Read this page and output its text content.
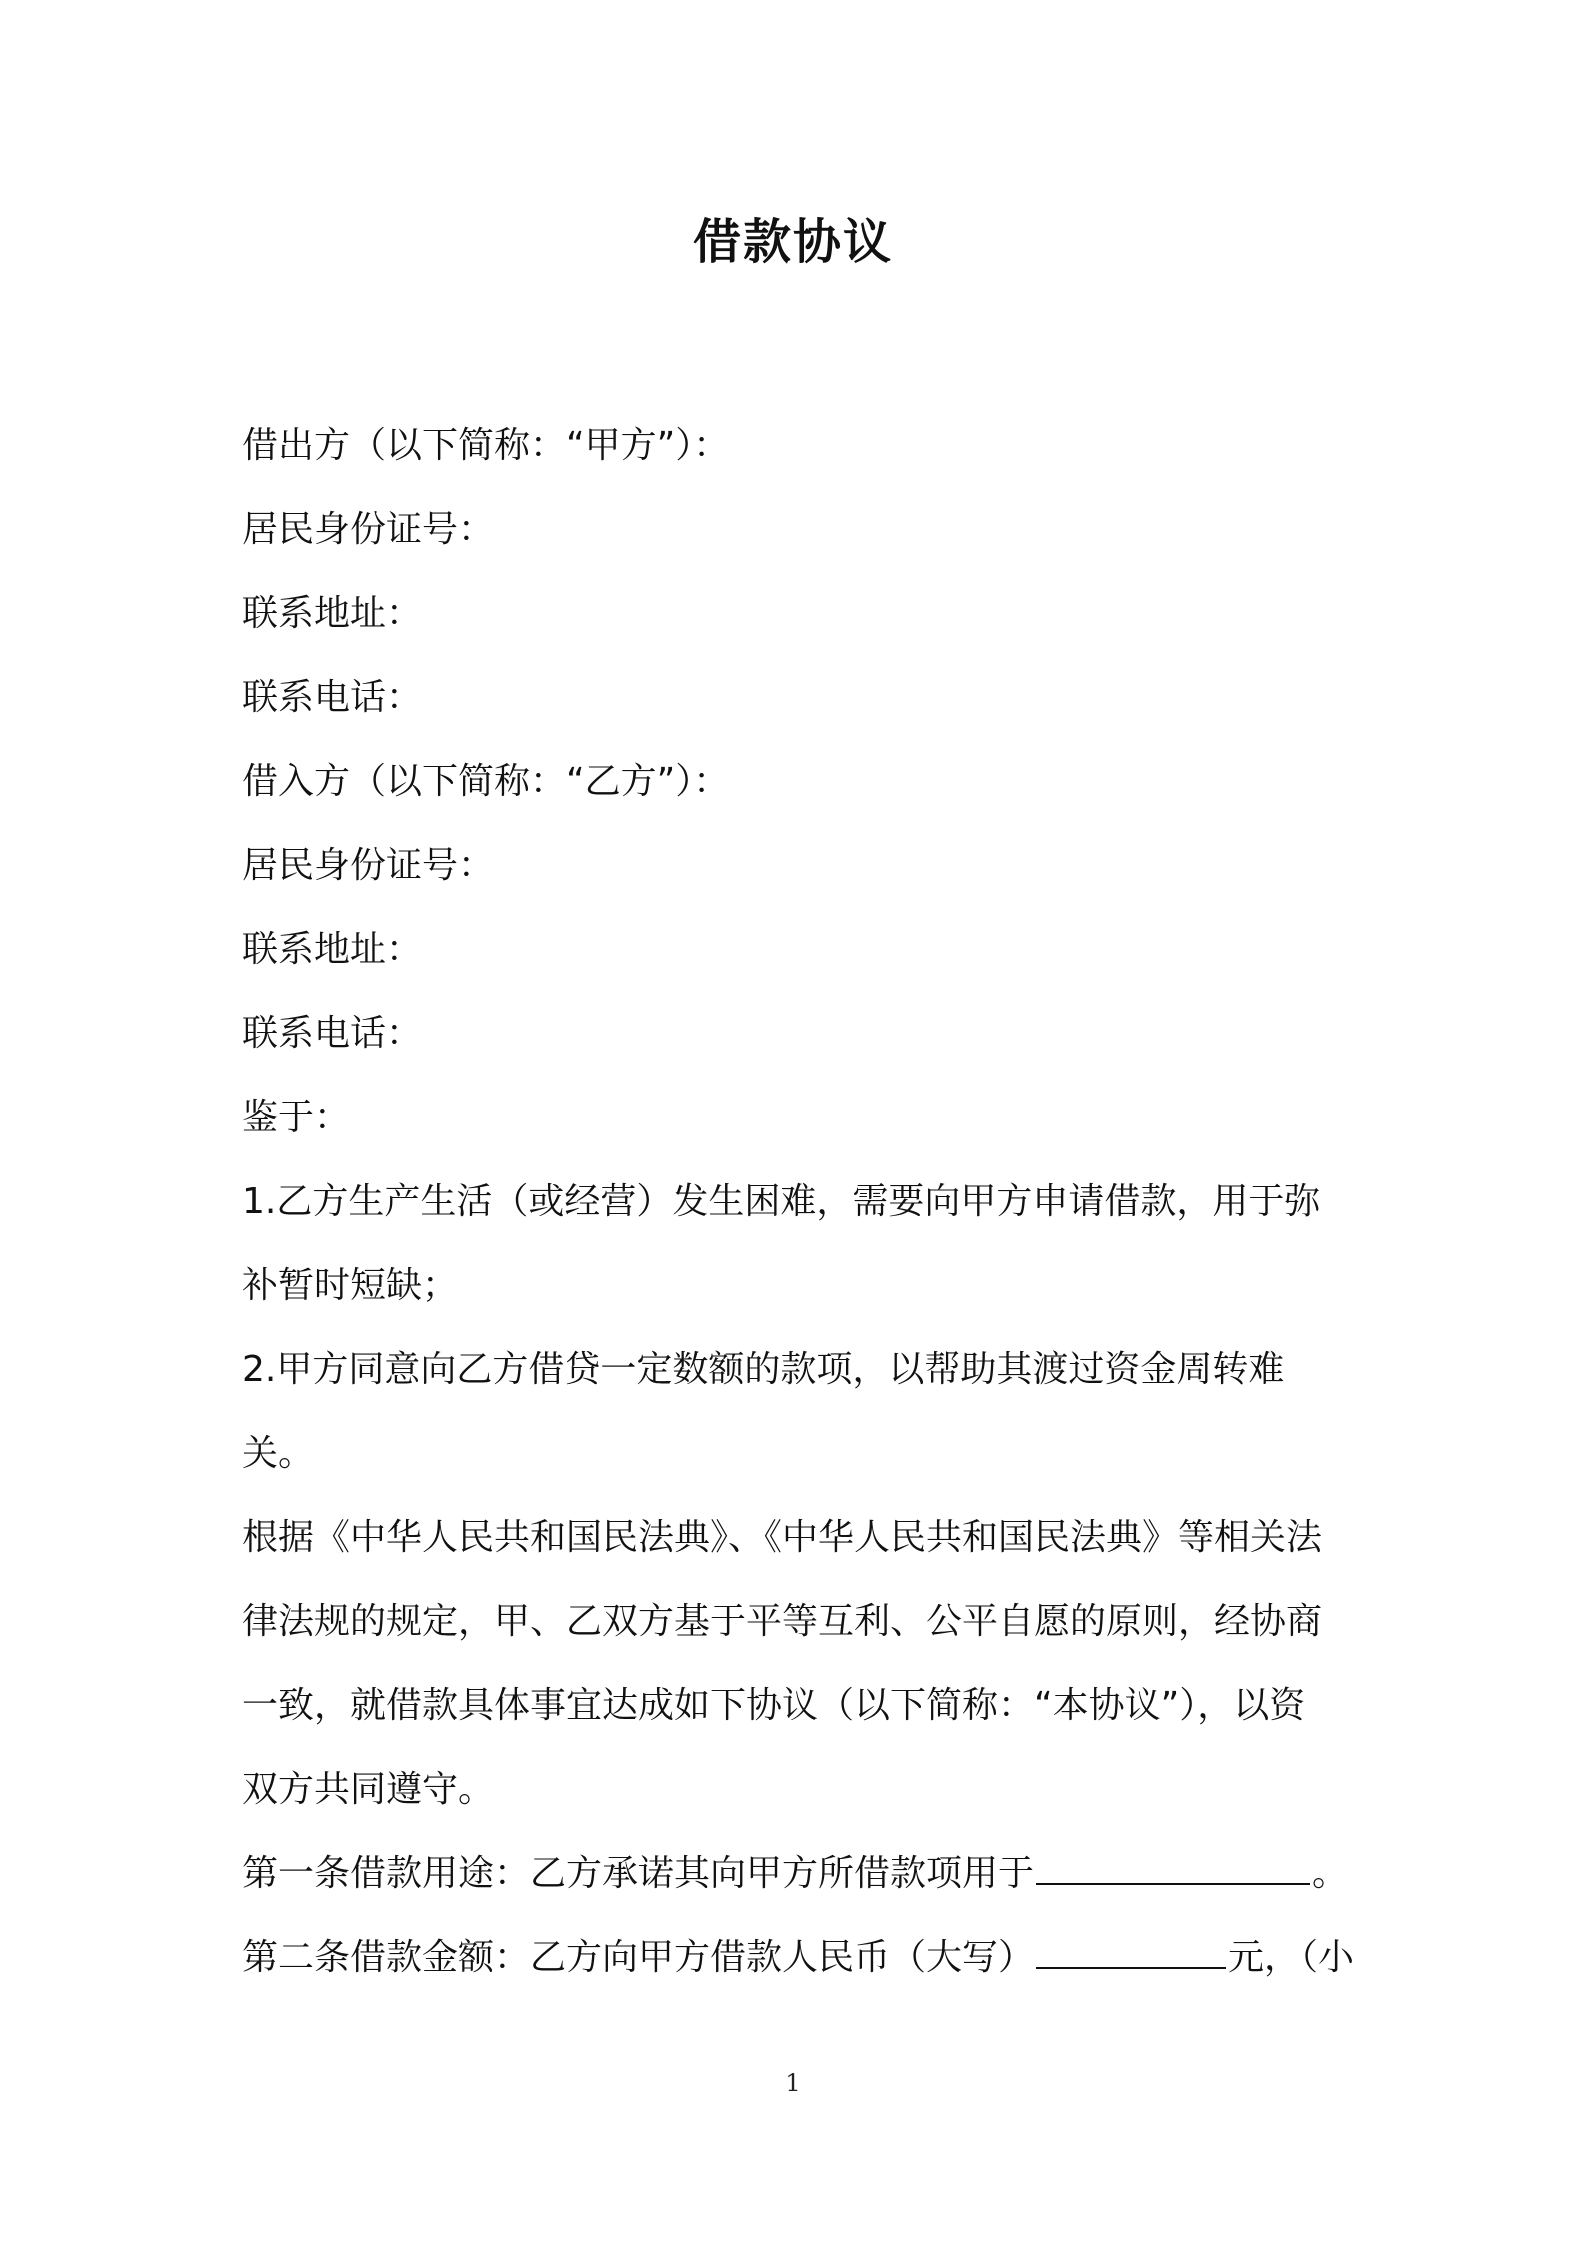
借款协议
借出方（以下简称：“甲方”）：
居民身份证号：
联系地址：
联系电话：
借入方（以下简称：“乙方”）：
居民身份证号：
联系地址：
联系电话：
鉴于：
1.乙方生产生活（或经营）发生困难，需要向甲方申请借款，用于弥
补暂时短缺；
2.甲方同意向乙方借贷一定数额的款项，以帮助其渡过资金周转难
关。
根据《中华人民共和国民法典》、《中华人民共和国民法典》等相关法
律法规的规定，甲、乙双方基于平等互利、公平自愿的原则，经协商
一致，就借款具体事宜达成如下协议（以下简称：“本协议”），以资
双方共同遵守。
第一条借款用途：乙方承诺其向甲方所借款项用于	。
第二条借款金额：乙方向甲方借款人民币（大写）	元，（小
1
